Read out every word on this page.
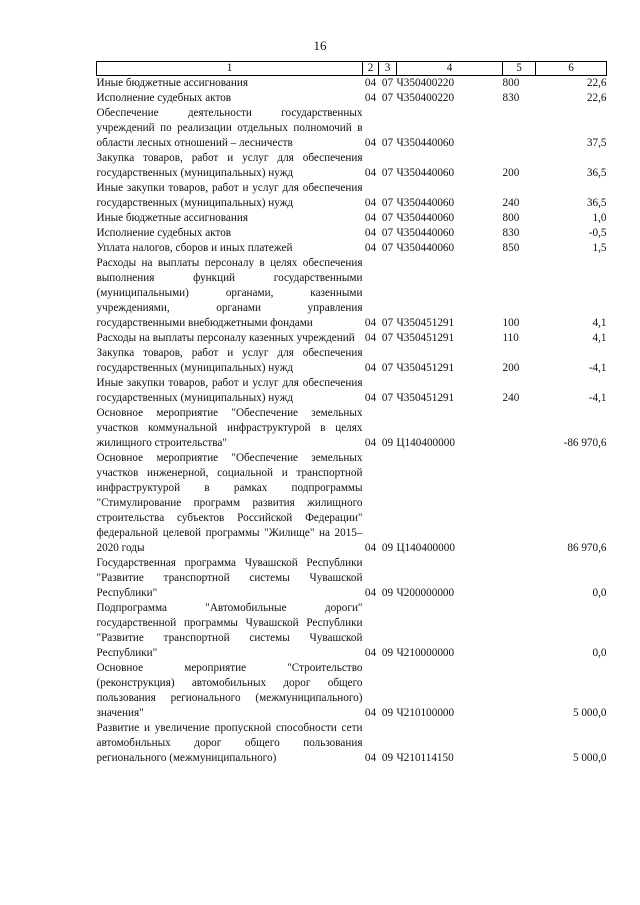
16
1	2	3	4	5	6
Иные бюджетные ассигнования	04	07	Ч350400220	800	22,6
Исполнение судебных актов	04	07	Ч350400220	830	22,6
Обеспечение деятельности государственных учреждений по реализации отдельных полномочий в области лесных отношений – лесничеств	04	07	Ч350440060		37,5
Закупка товаров, работ и услуг для обеспечения государственных (муниципальных) нужд	04	07	Ч350440060	200	36,5
Иные закупки товаров, работ и услуг для обеспечения государственных (муниципальных) нужд	04	07	Ч350440060	240	36,5
Иные бюджетные ассигнования	04	07	Ч350440060	800	1,0
Исполнение судебных актов	04	07	Ч350440060	830	-0,5
Уплата налогов, сборов и иных платежей	04	07	Ч350440060	850	1,5
Расходы на выплаты персоналу в целях обеспечения выполнения функций государственными (муниципальными) органами, казенными учреждениями, органами управления государственными внебюджетными фондами	04	07	Ч350451291	100	4,1
Расходы на выплаты персоналу казенных учреждений	04	07	Ч350451291	110	4,1
Закупка товаров, работ и услуг для обеспечения государственных (муниципальных) нужд	04	07	Ч350451291	200	-4,1
Иные закупки товаров, работ и услуг для обеспечения государственных (муниципальных) нужд	04	07	Ч350451291	240	-4,1
Основное мероприятие "Обеспечение земельных участков коммунальной инфраструктурой в целях жилищного строительства"	04	09	Ц140400000		-86 970,6
Основное мероприятие "Обеспечение земельных участков инженерной, социальной и транспортной инфраструктурой в рамках подпрограммы "Стимулирование программ развития жилищного строительства субъектов Российской Федерации" федеральной целевой программы "Жилище" на 2015–2020 годы	04	09	Ц140400000		86 970,6
Государственная программа Чувашской Республики "Развитие транспортной системы Чувашской Республики"	04	09	Ч200000000		0,0
Подпрограмма "Автомобильные дороги" государственной программы Чувашской Республики "Развитие транспортной системы Чувашской Республики"	04	09	Ч210000000		0,0
Основное мероприятие "Строительство (реконструкция) автомобильных дорог общего пользования регионального (межмуниципального) значения"	04	09	Ч210100000		5 000,0
Развитие и увеличение пропускной способности сети автомобильных дорог общего пользования регионального (межмуниципального)	04	09	Ч210114150		5 000,0
